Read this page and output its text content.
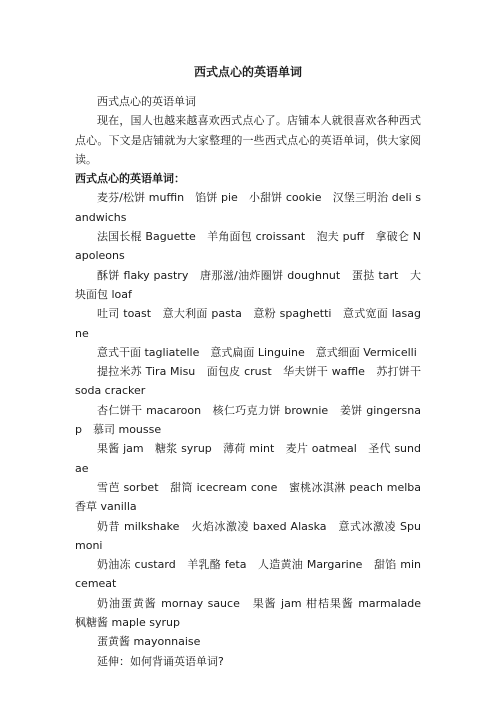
西式点心的英语单词

西式点心的英语单词

现在，国人也越来越喜欢西式点心了。店铺本人就很喜欢各种西式点心。下文是店铺就为大家整理的一些西式点心的英语单词，供大家阅读。

西式点心的英语单词：

麦芬/松饼 muffin　馅饼 pie　小甜饼 cookie　汉堡三明治 deli sandwichs

法国长棍 Baguette　羊角面包 croissant　泡夫 puff　拿破仑 Napoleons

酥饼 flaky pastry　唐那滋/油炸圈饼 doughnut　蛋挞 tart　大块面包 loaf

吐司 toast　意大利面 pasta　意粉 spaghetti　意式宽面 lasagne

意式干面 tagliatelle　意式扁面 Linguine　意式细面 Vermicelli

提拉米苏 Tira Misu　面包皮 crust　华夫饼干 waffle　苏打饼干 soda cracker

杏仁饼干 macaroon　核仁巧克力饼 brownie　姜饼 gingersnap　慕司 mousse

果酱 jam　糖浆 syrup　薄荷 mint　麦片 oatmeal　圣代 sundae

雪芭 sorbet　甜筒 icecream cone　蜜桃冰淇淋 peach melba　香草 vanilla

奶昔 milkshake　火焰冰激凌 baxed Alaska　意式冰激凌 Spumoni

奶油冻 custard　羊乳酪 feta　人造黄油 Margarine　甜馅 mincemeat

奶油蛋黄酱 mornay sauce　果酱 jam 柑桔果酱 marmalade　枫糖酱 maple syrup

蛋黄酱 mayonnaise

延伸：如何背诵英语单词?
